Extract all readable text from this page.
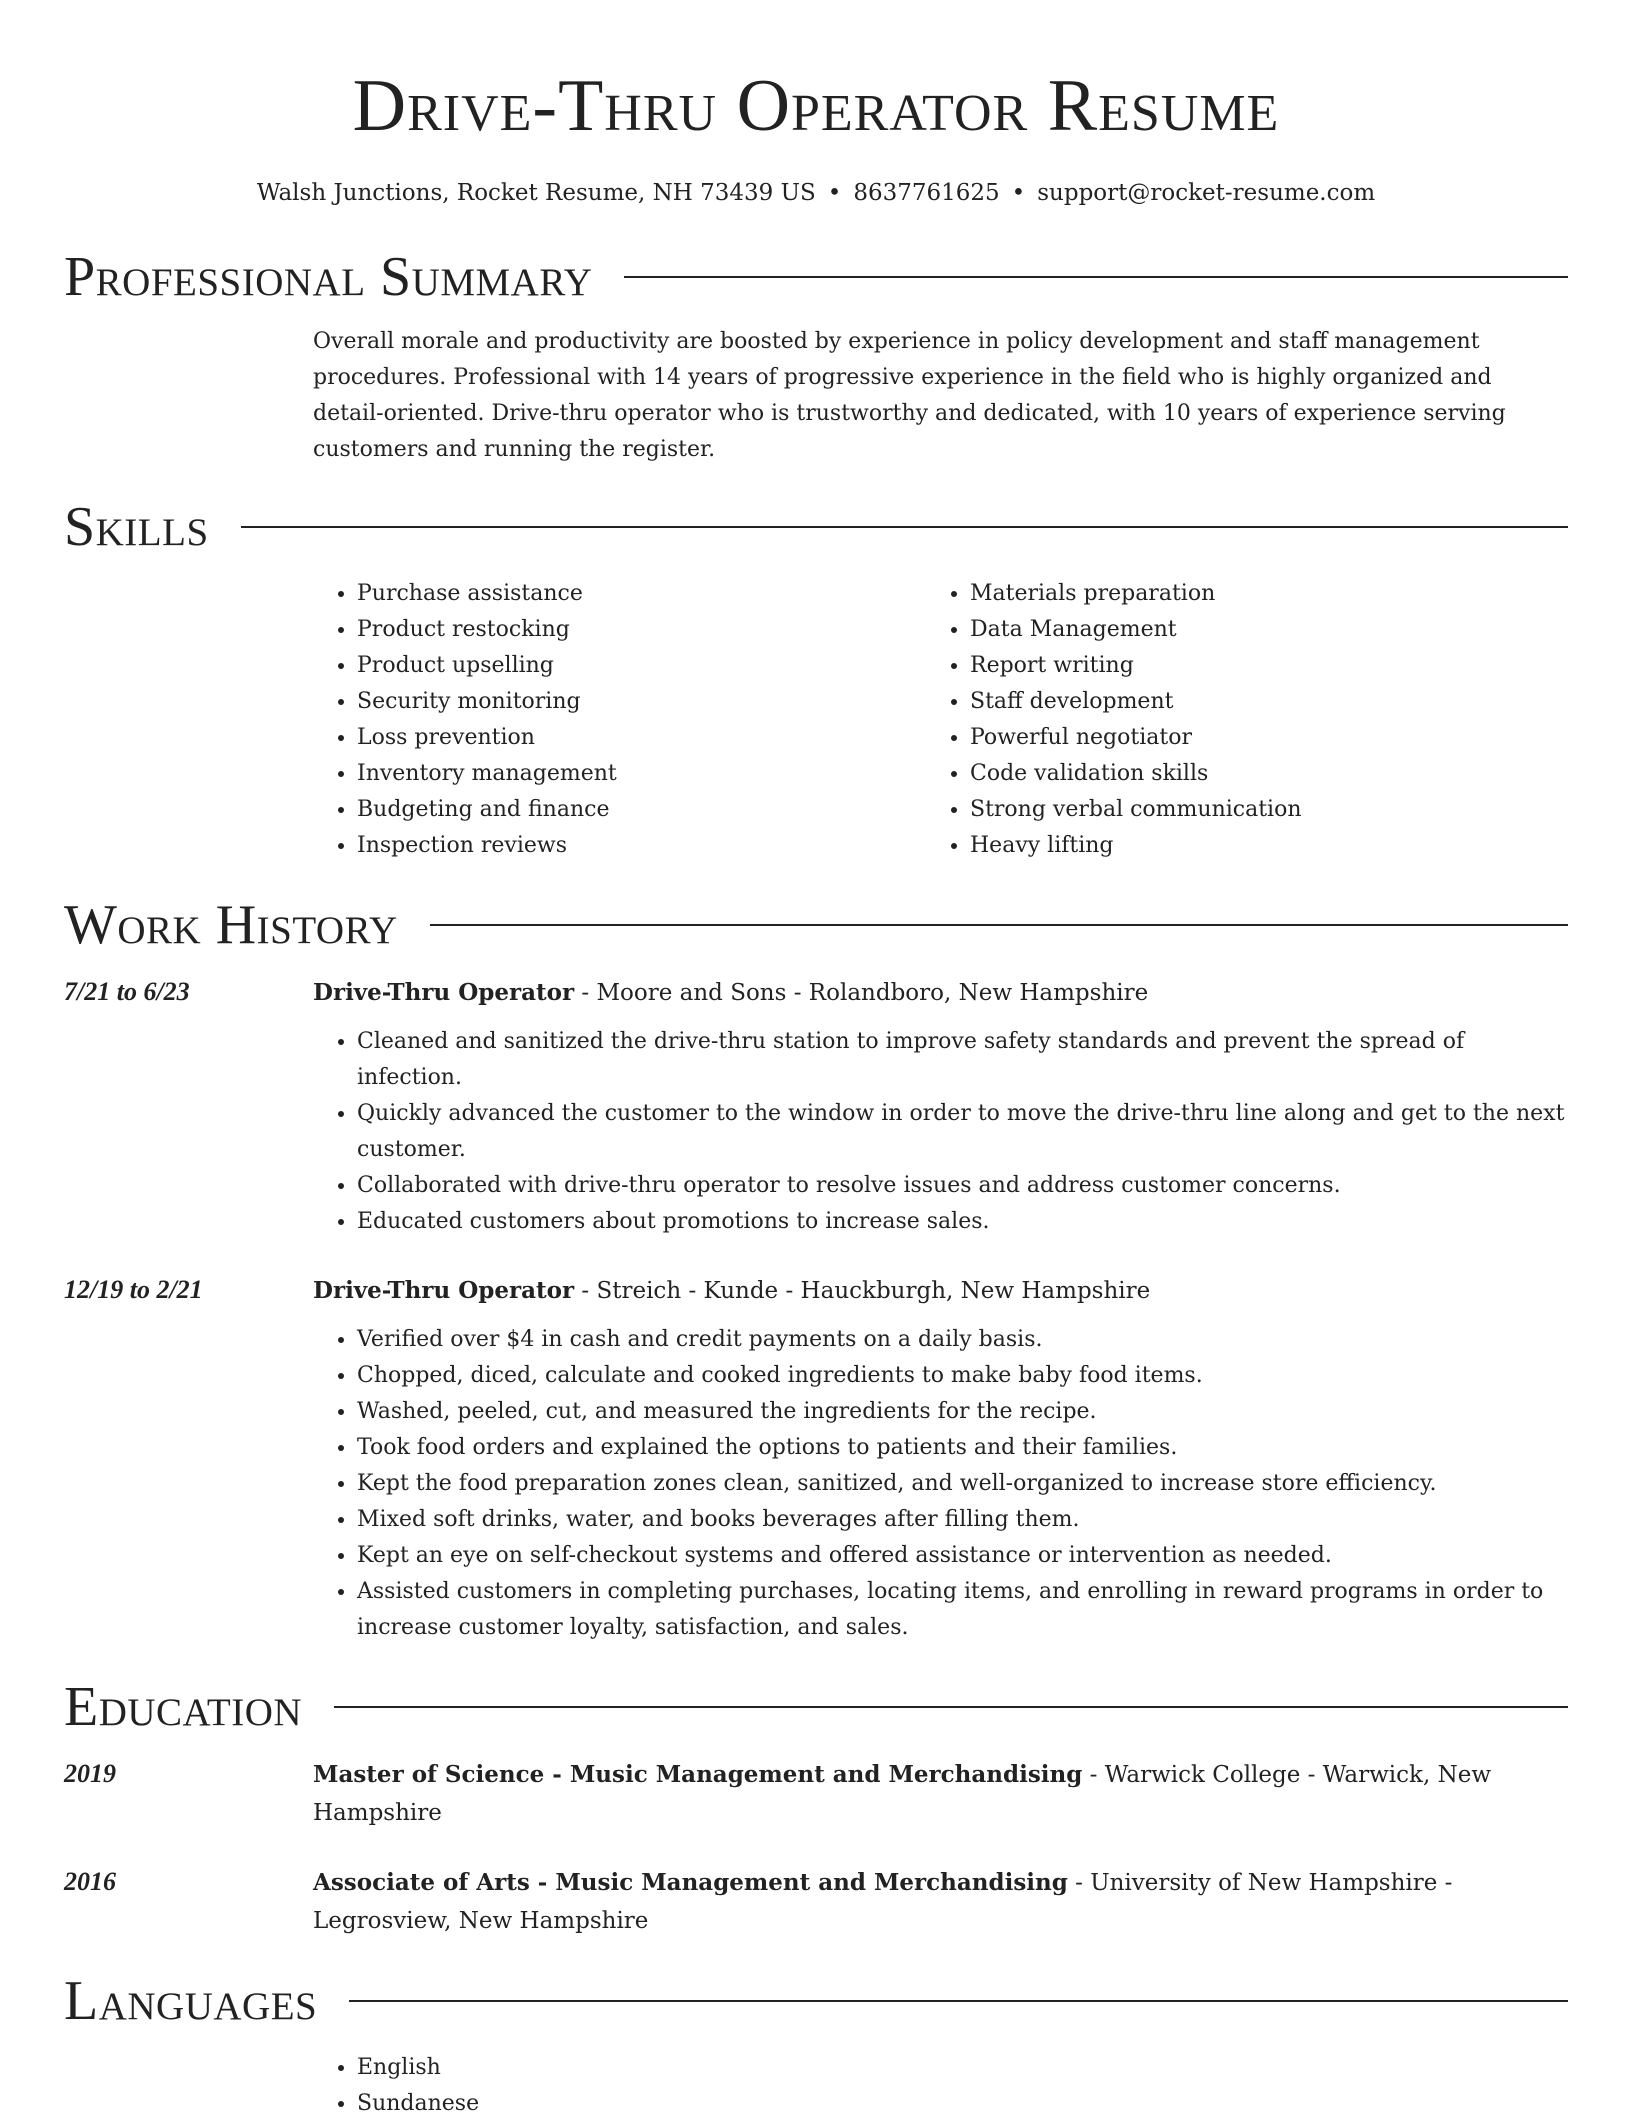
Drive-Thru Operator Resume
Walsh Junctions, Rocket Resume, NH 73439 US • 8637761625 • support@rocket-resume.com
Professional Summary

Overall morale and productivity are boosted by experience in policy development and staff management procedures. Professional with 14 years of progressive experience in the field who is highly organized and detail-oriented. Drive-thru operator who is trustworthy and dedicated, with 10 years of experience serving customers and running the register.

Skills
• Purchase assistance
• Product restocking
• Product upselling
• Security monitoring
• Loss prevention
• Inventory management
• Budgeting and finance
• Inspection reviews
• Materials preparation
• Data Management
• Report writing
• Staff development
• Powerful negotiator
• Code validation skills
• Strong verbal communication
• Heavy lifting
Work History
7/21 to 6/23	Drive-Thru Operator - Moore and Sons - Rolandboro, New Hampshire
• Cleaned and sanitized the drive-thru station to improve safety standards and prevent the spread of infection.
• Quickly advanced the customer to the window in order to move the drive-thru line along and get to the next customer.
• Collaborated with drive-thru operator to resolve issues and address customer concerns.
• Educated customers about promotions to increase sales.
12/19 to 2/21	Drive-Thru Operator - Streich - Kunde - Hauckburgh, New Hampshire
• Verified over $4 in cash and credit payments on a daily basis.
• Chopped, diced, calculate and cooked ingredients to make baby food items.
• Washed, peeled, cut, and measured the ingredients for the recipe.
• Took food orders and explained the options to patients and their families.
• Kept the food preparation zones clean, sanitized, and well-organized to increase store efficiency.
• Mixed soft drinks, water, and books beverages after filling them.
• Kept an eye on self-checkout systems and offered assistance or intervention as needed.
• Assisted customers in completing purchases, locating items, and enrolling in reward programs in order to increase customer loyalty, satisfaction, and sales.
Education
2019	Master of Science - Music Management and Merchandising - Warwick College - Warwick, New Hampshire
2016	Associate of Arts - Music Management and Merchandising - University of New Hampshire - Legrosview, New Hampshire
Languages
• English
• Sundanese
